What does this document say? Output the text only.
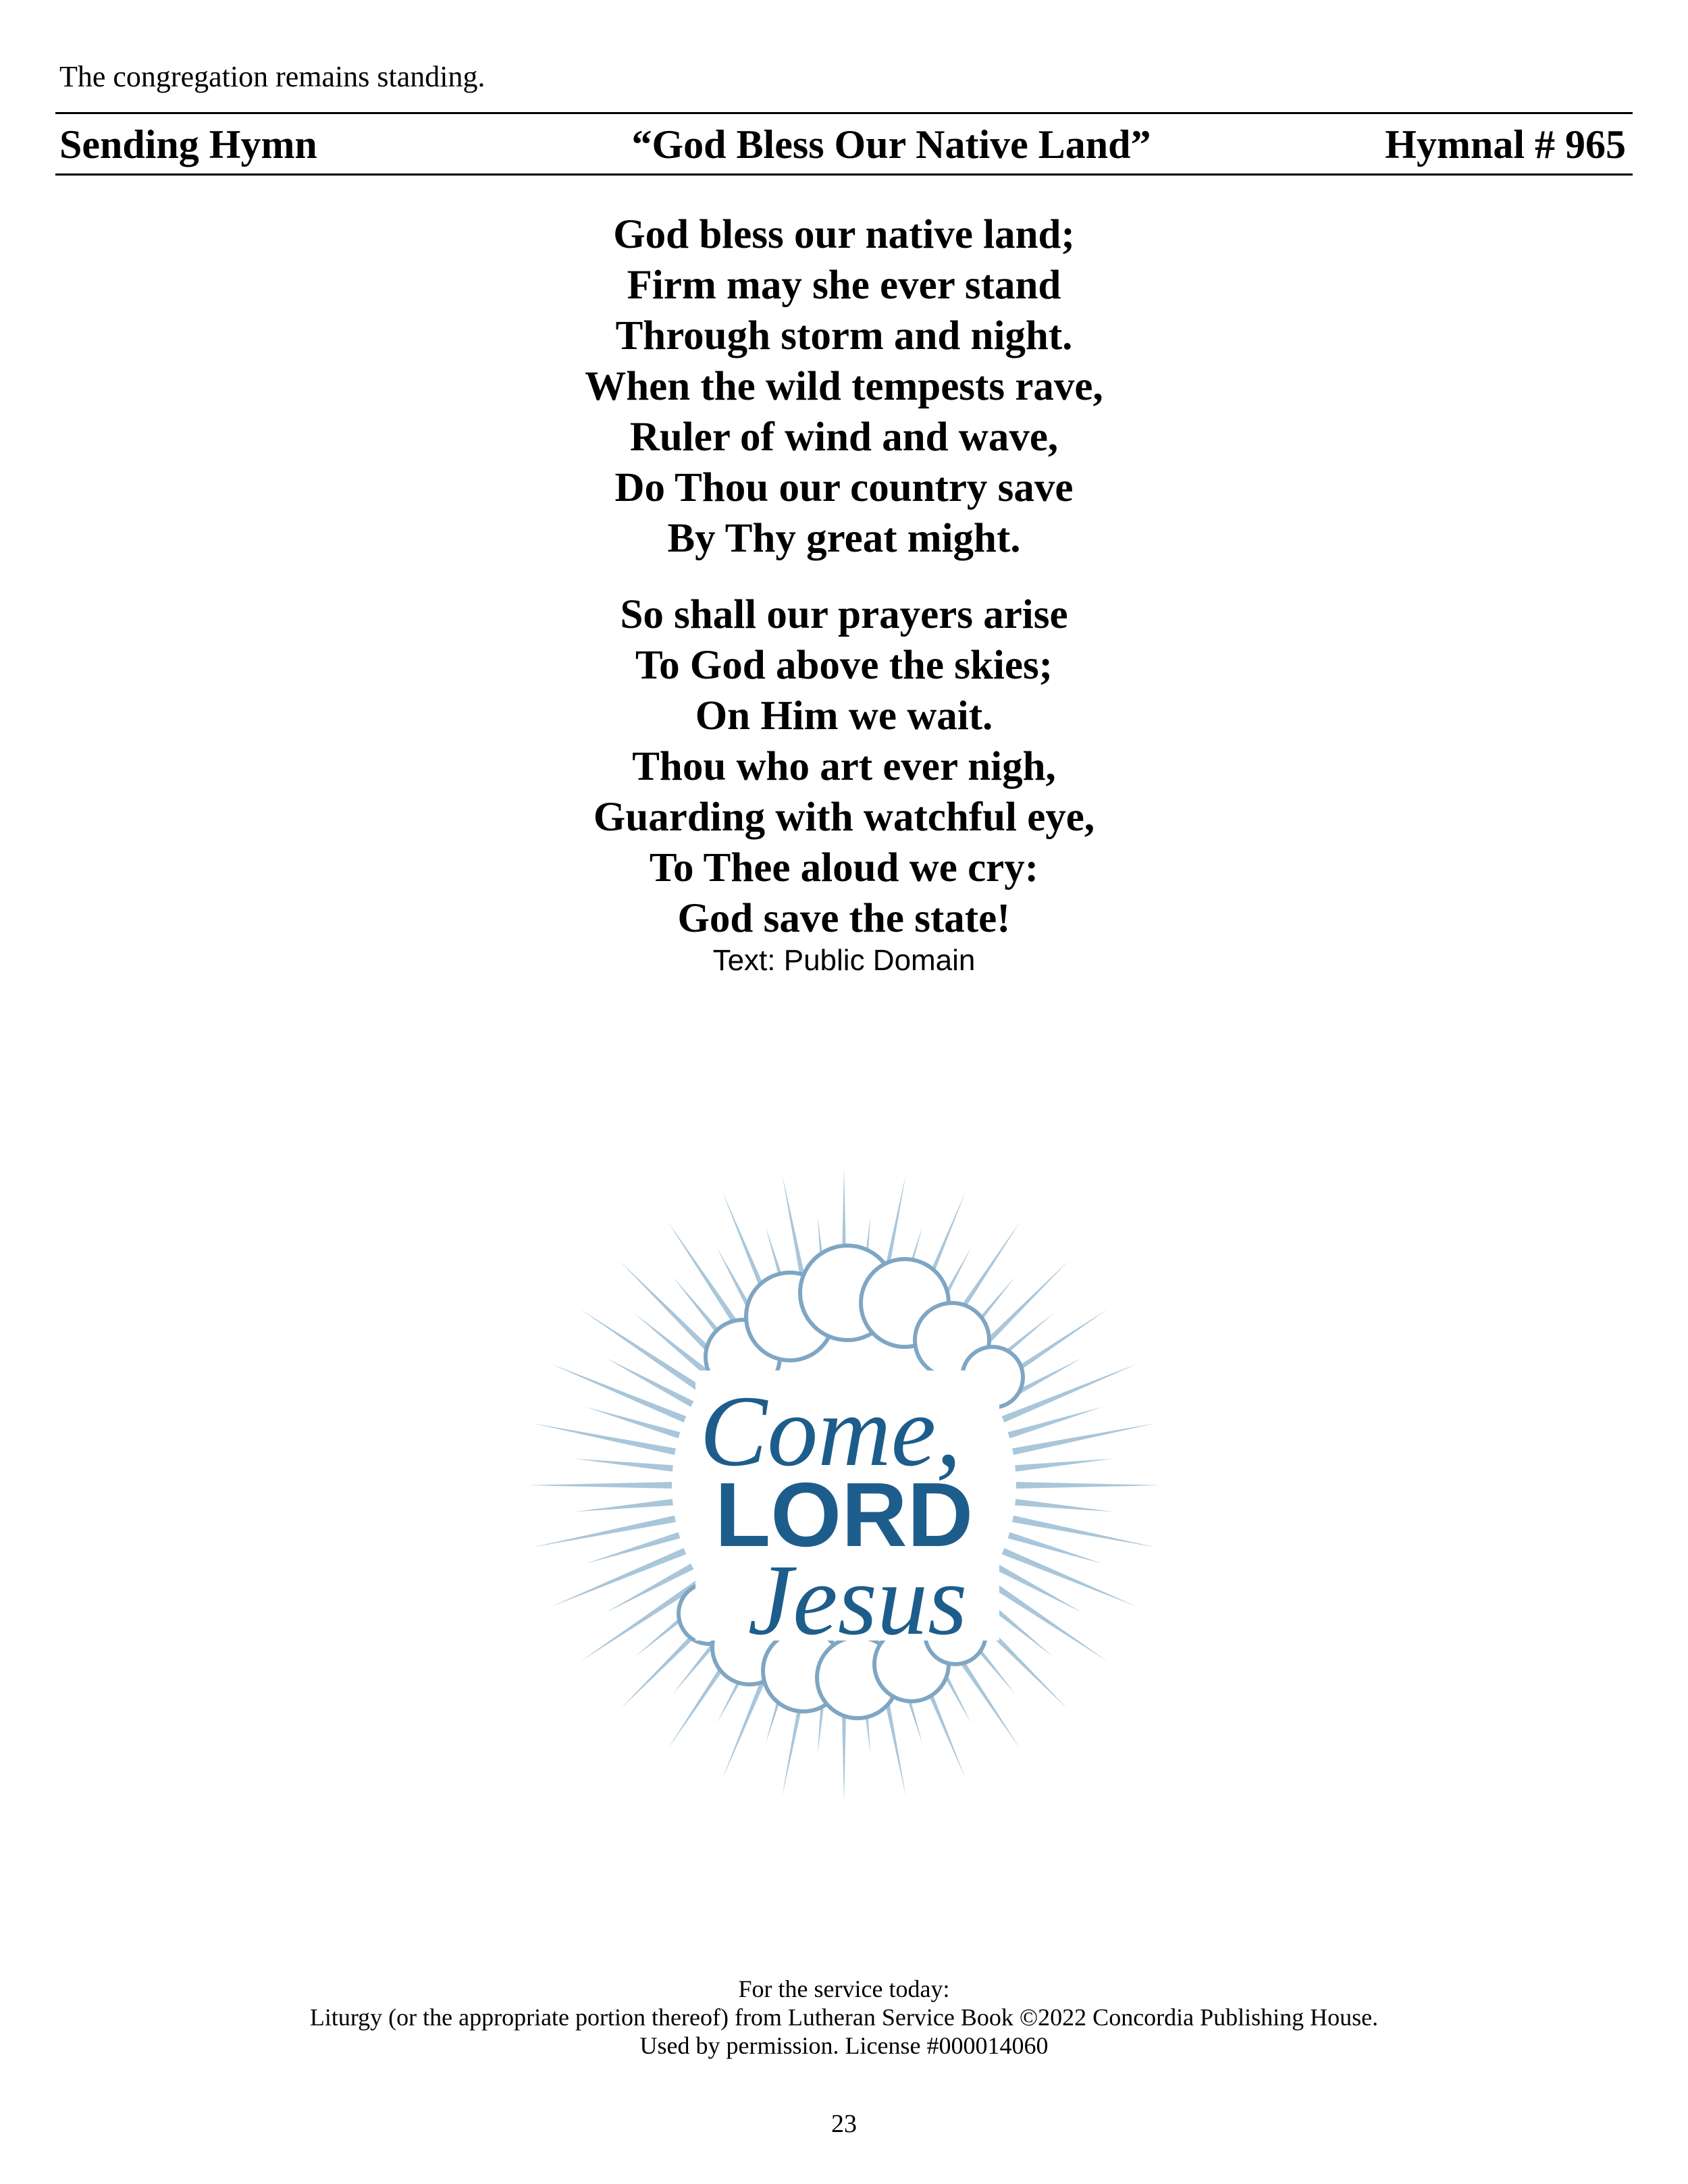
The congregation remains standing.
Sending Hymn	“God Bless Our Native Land”	Hymnal # 965
God bless our native land;
Firm may she ever stand
Through storm and night.
When the wild tempests rave,
Ruler of wind and wave,
Do Thou our country save
By Thy great might.
So shall our prayers arise
To God above the skies;
On Him we wait.
Thou who art ever nigh,
Guarding with watchful eye,
To Thee aloud we cry:
God save the state!
Text: Public Domain
Come,
LORD
Jesus
For the service today:
Liturgy (or the appropriate portion thereof) from Lutheran Service Book ©2022 Concordia Publishing House.
Used by permission. License #000014060
23
